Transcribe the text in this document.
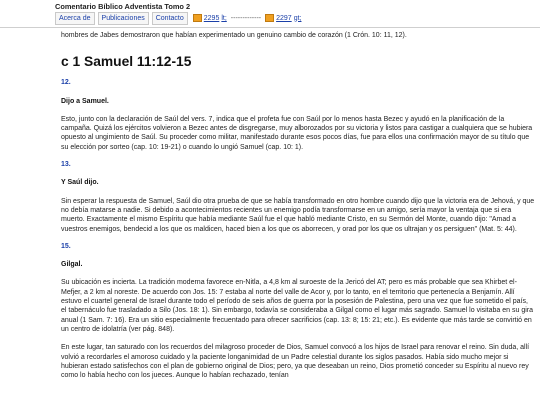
Comentario Bíblico Adventista Tomo 2
Acerca de	Publicaciones	Contacto	2295 lt; ------------- 2297 gt;

hombres de Jabes demostraron que habían experimentado un genuino cambio de corazón (1 Crón. 10: 11, 12).

c 1 Samuel 11:12-15

12.

Dijo a Samuel.

Esto, junto con la declaración de Saúl del vers. 7, indica que el profeta fue con Saúl por lo menos hasta Bezec y ayudó en la planificación de la campaña. Quizá los ejércitos volvieron a Bezec antes de disgregarse, muy alborozados por su victoria y listos para castigar a cualquiera que se hubiera opuesto al ungimiento de Saúl. Su proceder como militar, manifestado durante esos pocos días, fue para ellos una confirmación mayor de su título que su elección por sorteo (cap. 10: 19-21) o cuando lo ungió Samuel (cap. 10: 1).

13.

Y Saúl dijo.

Sin esperar la respuesta de Samuel, Saúl dio otra prueba de que se había transformado en otro hombre cuando dijo que la victoria era de Jehová, y que no debía matarse a nadie. Si debido a acontecimientos recientes un enemigo podía transformarse en un amigo, sería mayor la ventaja que si era muerto. Exactamente el mismo Espíritu que había mediante Saúl fue el que habló mediante Cristo, en su Sermón del Monte, cuando dijo: "Amad a vuestros enemigos, bendecid a los que os maldicen, haced bien a los que os aborrecen, y orad por los que os ultrajan y os persiguen" (Mat. 5: 44).

15.

Gilgal.

Su ubicación es incierta. La tradición moderna favorece en-Nitla, a 4,8 km al suroeste de la Jericó del AT; pero es más probable que sea Khirbet el-Mefjer, a 2 km al noreste. De acuerdo con Jos. 15: 7 estaba al norte del valle de Acor y, por lo tanto, en el territorio que pertenecía a Benjamín. Allí estuvo el cuartel general de Israel durante todo el período de seis años de guerra por la posesión de Palestina, pero una vez que fue sometido el país, el tabernáculo fue trasladado a Silo (Jos. 18: 1). Sin embargo, todavía se consideraba a Gilgal como el lugar más sagrado. Samuel lo visitaba en su gira anual (1 Sam. 7: 16). Era un sitio especialmente frecuentado para ofrecer sacrificios (cap. 13: 8; 15: 21; etc.). Es evidente que más tarde se convirtió en un centro de idolatría (ver pág. 848).

En este lugar, tan saturado con los recuerdos del milagroso proceder de Dios, Samuel convocó a los hijos de Israel para renovar el reino. Sin duda, allí volvió a recordarles el amoroso cuidado y la paciente longanimidad de un Padre celestial durante los siglos pasados. Había sido mucho mejor si hubieran estado satisfechos con el plan de gobierno original de Dios; pero, ya que deseaban un reino, Dios prometió conceder su Espíritu al nuevo rey como lo había hecho con los jueces. Aunque lo habían rechazado, tenían
